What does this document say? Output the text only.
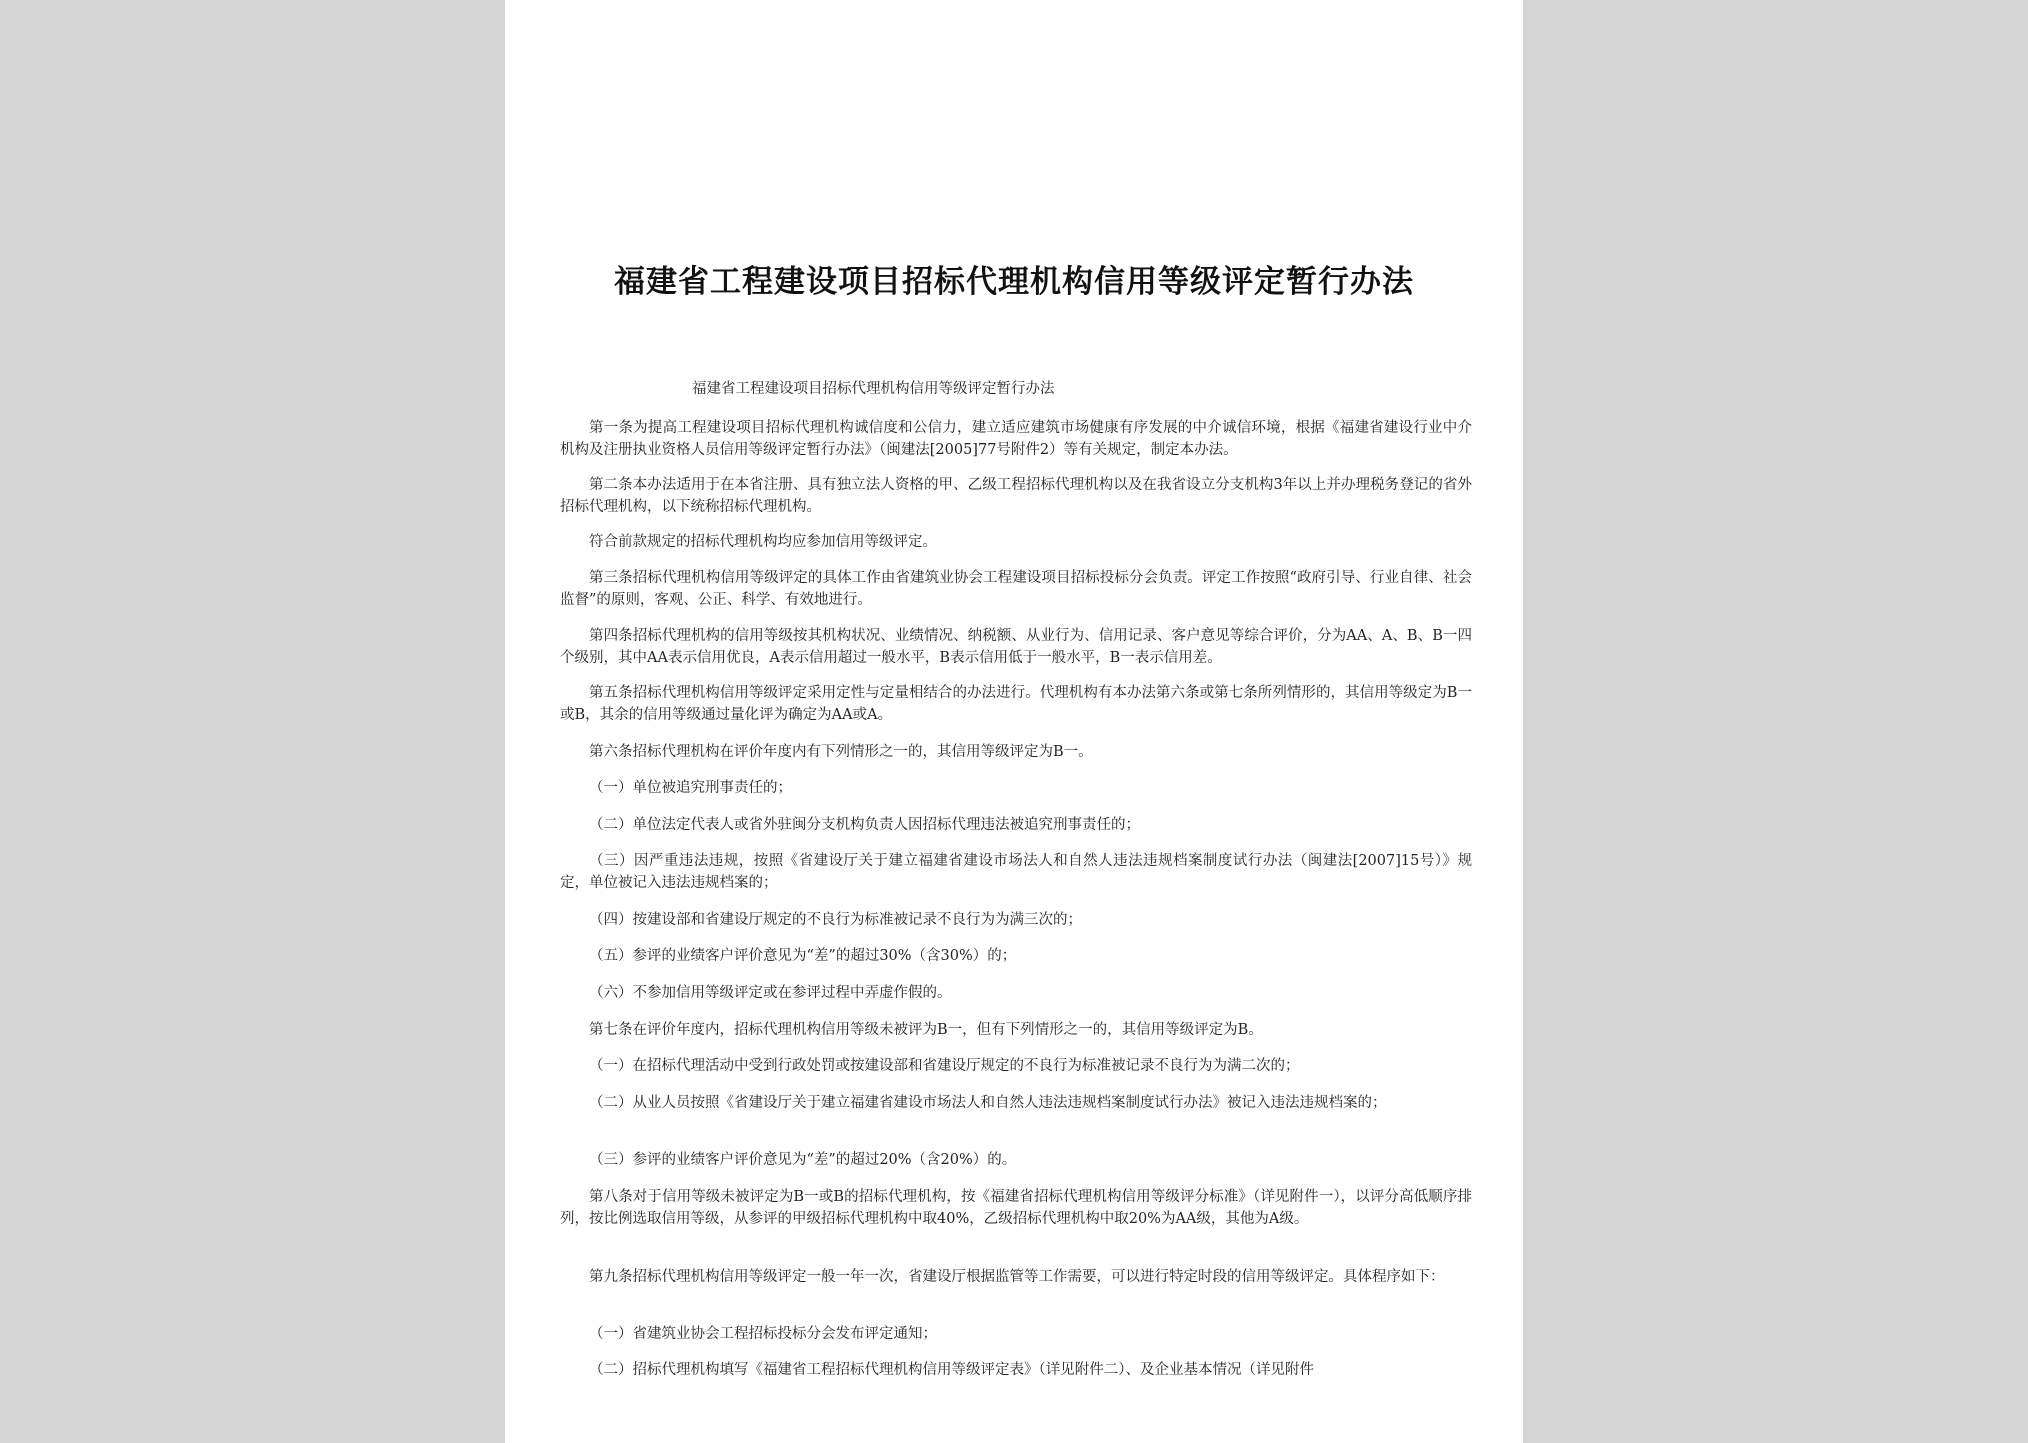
福建省工程建设项目招标代理机构信用等级评定暂行办法
福建省工程建设项目招标代理机构信用等级评定暂行办法

第一条为提高工程建设项目招标代理机构诚信度和公信力，建立适应建筑市场健康有序发展的中介诚信环境，根据《福建省建设行业中介机构及注册执业资格人员信用等级评定暂行办法》（闽建法[2005]77号附件2）等有关规定，制定本办法。

第二条本办法适用于在本省注册、具有独立法人资格的甲、乙级工程招标代理机构以及在我省设立分支机构3年以上并办理税务登记的省外招标代理机构，以下统称招标代理机构。

符合前款规定的招标代理机构均应参加信用等级评定。

第三条招标代理机构信用等级评定的具体工作由省建筑业协会工程建设项目招标投标分会负责。评定工作按照“政府引导、行业自律、社会监督”的原则，客观、公正、科学、有效地进行。

第四条招标代理机构的信用等级按其机构状况、业绩情况、纳税额、从业行为、信用记录、客户意见等综合评价，分为AA、A、B、B一四个级别，其中AA表示信用优良，A表示信用超过一般水平，B表示信用低于一般水平，B一表示信用差。

第五条招标代理机构信用等级评定采用定性与定量相结合的办法进行。代理机构有本办法第六条或第七条所列情形的，其信用等级定为B一或B，其余的信用等级通过量化评为确定为AA或A。

第六条招标代理机构在评价年度内有下列情形之一的，其信用等级评定为B一。

（一）单位被追究刑事责任的；

（二）单位法定代表人或省外驻闽分支机构负责人因招标代理违法被追究刑事责任的；

（三）因严重违法违规，按照《省建设厅关于建立福建省建设市场法人和自然人违法违规档案制度试行办法（闽建法[2007]15号）》规定，单位被记入违法违规档案的；

（四）按建设部和省建设厅规定的不良行为标准被记录不良行为为满三次的；

（五）参评的业绩客户评价意见为“差”的超过30%（含30%）的；

（六）不参加信用等级评定或在参评过程中弄虚作假的。

第七条在评价年度内，招标代理机构信用等级未被评为B一，但有下列情形之一的，其信用等级评定为B。

（一）在招标代理活动中受到行政处罚或按建设部和省建设厅规定的不良行为标准被记录不良行为为满二次的；

（二）从业人员按照《省建设厅关于建立福建省建设市场法人和自然人违法违规档案制度试行办法》被记入违法违规档案的；

（三）参评的业绩客户评价意见为“差”的超过20%（含20%）的。

第八条对于信用等级未被评定为B一或B的招标代理机构，按《福建省招标代理机构信用等级评分标准》（详见附件一），以评分高低顺序排列，按比例选取信用等级，从参评的甲级招标代理机构中取40%，乙级招标代理机构中取20%为AA级，其他为A级。

第九条招标代理机构信用等级评定一般一年一次，省建设厅根据监管等工作需要，可以进行特定时段的信用等级评定。具体程序如下：

（一）省建筑业协会工程招标投标分会发布评定通知；

（二）招标代理机构填写《福建省工程招标代理机构信用等级评定表》（详见附件二）、及企业基本情况（详见附件
